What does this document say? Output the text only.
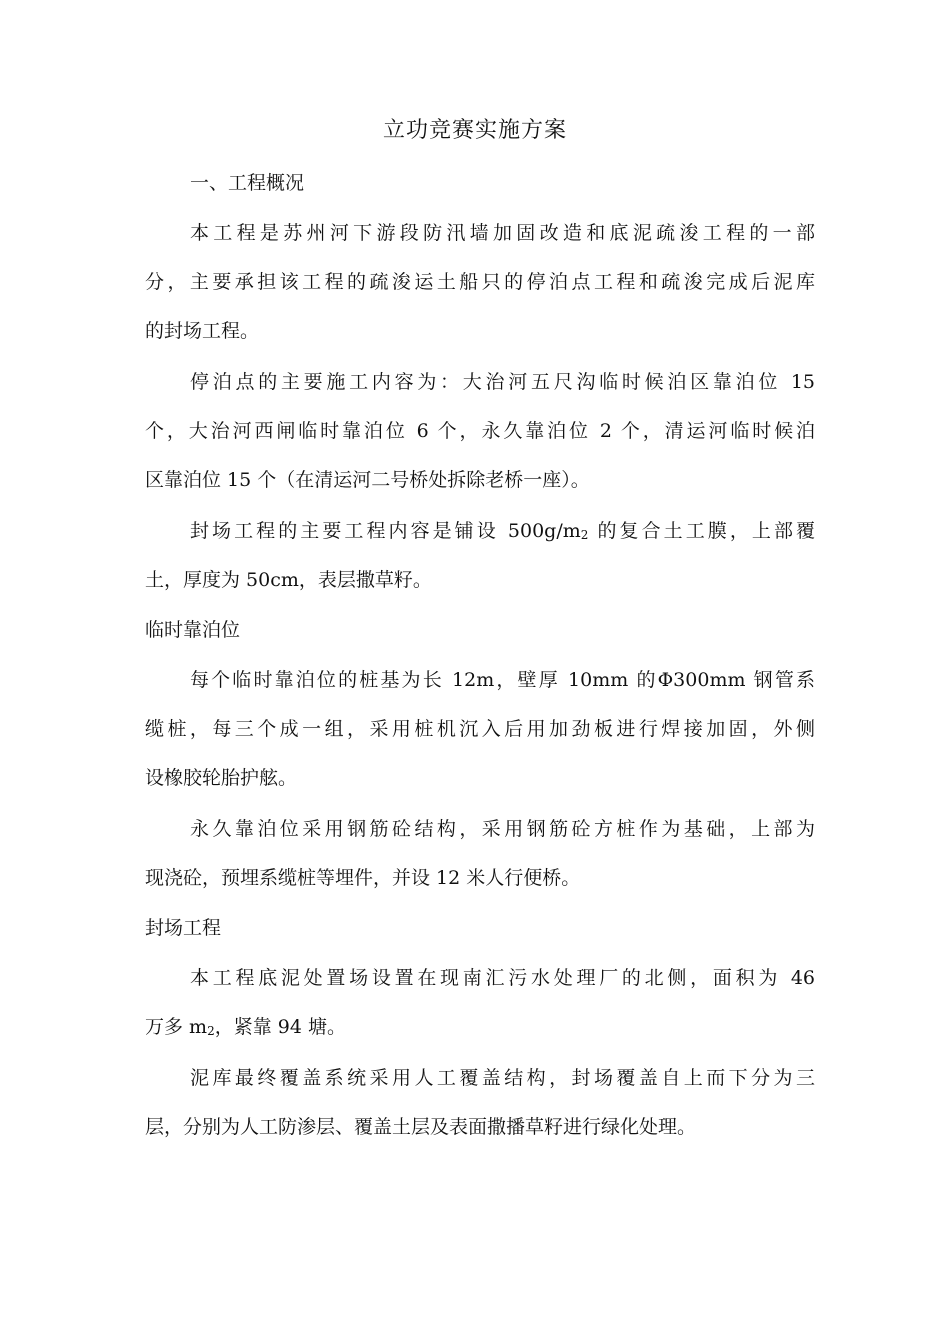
立功竞赛实施方案
一、工程概况
本工程是苏州河下游段防汛墙加固改造和底泥疏浚工程的一部
分，主要承担该工程的疏浚运土船只的停泊点工程和疏浚完成后泥库
的封场工程。
停泊点的主要施工内容为：大治河五尺沟临时候泊区靠泊位 15
个，大治河西闸临时靠泊位 6 个，永久靠泊位 2 个，清运河临时候泊
区靠泊位 15 个（在清运河二号桥处拆除老桥一座）。
封场工程的主要工程内容是铺设 500g/m2 的复合土工膜，上部覆
土，厚度为 50cm，表层撒草籽。
临时靠泊位
每个临时靠泊位的桩基为长 12m，壁厚 10mm 的Φ300mm 钢管系
缆桩，每三个成一组，采用桩机沉入后用加劲板进行焊接加固，外侧
设橡胶轮胎护舷。
永久靠泊位采用钢筋砼结构，采用钢筋砼方桩作为基础，上部为
现浇砼，预埋系缆桩等埋件，并设 12 米人行便桥。
封场工程
本工程底泥处置场设置在现南汇污水处理厂的北侧，面积为 46
万多 m2，紧靠 94 塘。
泥库最终覆盖系统采用人工覆盖结构，封场覆盖自上而下分为三
层，分别为人工防渗层、覆盖土层及表面撒播草籽进行绿化处理。
